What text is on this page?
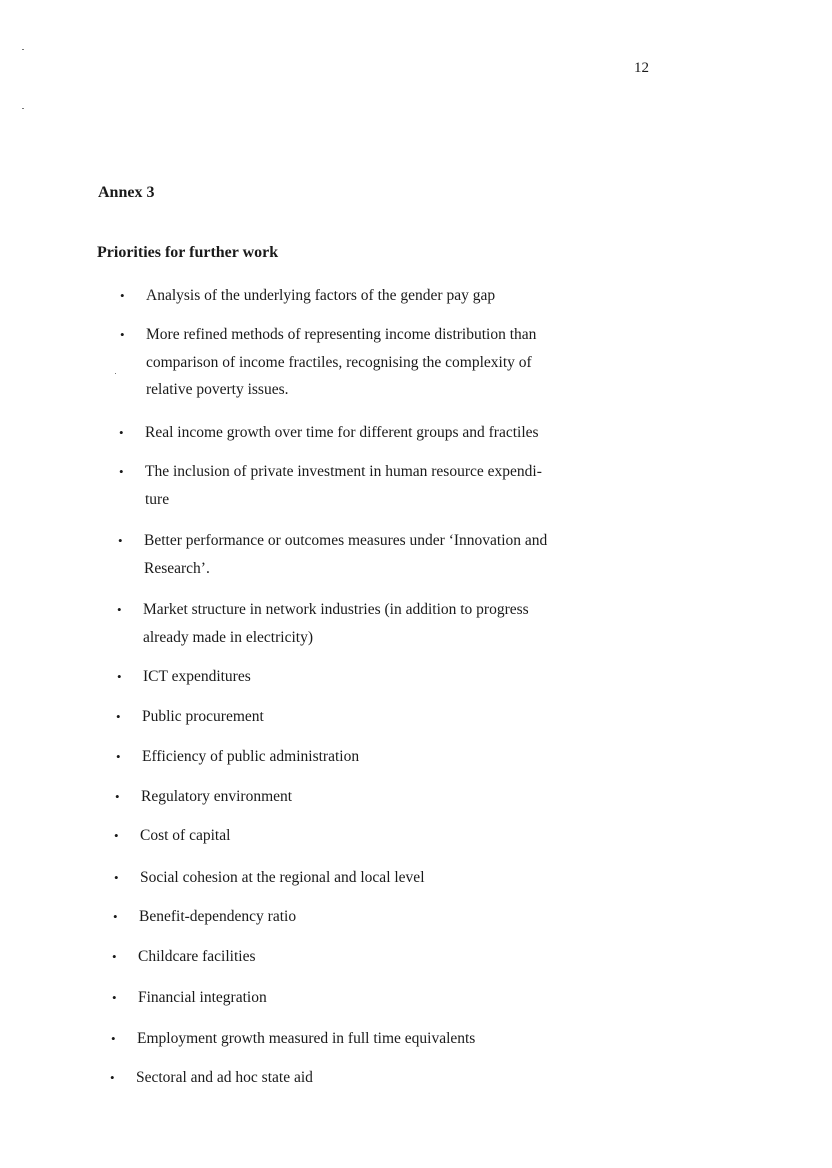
12
Annex 3
Priorities for further work
• Analysis of the underlying factors of the gender pay gap
• More refined methods of representing income distribution than
comparison of income fractiles, recognising the complexity of
relative poverty issues.
• Real income growth over time for different groups and fractiles
• The inclusion of private investment in human resource expendi-
ture
• Better performance or outcomes measures under ‘Innovation and
Research’.
• Market structure in network industries (in addition to progress
already made in electricity)
• ICT expenditures
• Public procurement
• Efficiency of public administration
• Regulatory environment
• Cost of capital
• Social cohesion at the regional and local level
• Benefit-dependency ratio
• Childcare facilities
• Financial integration
• Employment growth measured in full time equivalents
• Sectoral and ad hoc state aid
